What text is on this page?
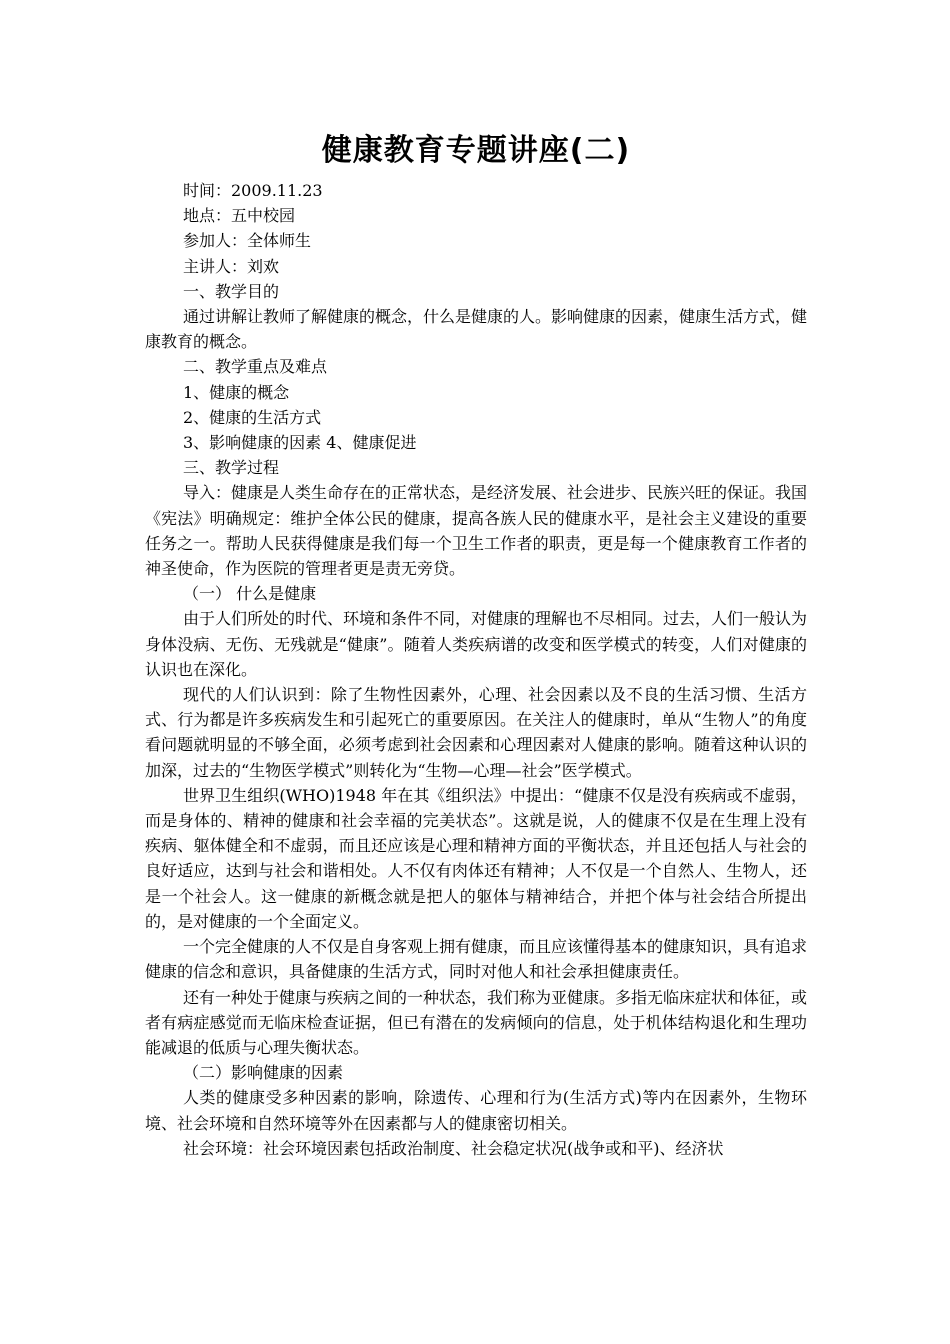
健康教育专题讲座(二)

时间：2009.11.23

地点：五中校园

参加人：全体师生

主讲人：刘欢

一、教学目的

通过讲解让教师了解健康的概念，什么是健康的人。影响健康的因素，健康生活方式，健康教育的概念。

二、教学重点及难点

1、健康的概念

2、健康的生活方式

3、影响健康的因素 4、健康促进

三、教学过程

导入：健康是人类生命存在的正常状态，是经济发展、社会进步、民族兴旺的保证。我国《宪法》明确规定：维护全体公民的健康，提高各族人民的健康水平，是社会主义建设的重要任务之一。帮助人民获得健康是我们每一个卫生工作者的职责，更是每一个健康教育工作者的神圣使命，作为医院的管理者更是责无旁贷。

（一） 什么是健康

由于人们所处的时代、环境和条件不同，对健康的理解也不尽相同。过去，人们一般认为身体没病、无伤、无残就是“健康”。随着人类疾病谱的改变和医学模式的转变，人们对健康的认识也在深化。

现代的人们认识到：除了生物性因素外，心理、社会因素以及不良的生活习惯、生活方式、行为都是许多疾病发生和引起死亡的重要原因。在关注人的健康时，单从“生物人”的角度看问题就明显的不够全面，必须考虑到社会因素和心理因素对人健康的影响。随着这种认识的加深，过去的“生物医学模式”则转化为“生物—心理—社会”医学模式。

世界卫生组织(WHO)1948 年在其《组织法》中提出：“健康不仅是没有疾病或不虚弱，而是身体的、精神的健康和社会幸福的完美状态”。这就是说，人的健康不仅是在生理上没有疾病、躯体健全和不虚弱，而且还应该是心理和精神方面的平衡状态，并且还包括人与社会的良好适应，达到与社会和谐相处。人不仅有肉体还有精神；人不仅是一个自然人、生物人，还是一个社会人。这一健康的新概念就是把人的躯体与精神结合，并把个体与社会结合所提出的，是对健康的一个全面定义。

一个完全健康的人不仅是自身客观上拥有健康，而且应该懂得基本的健康知识，具有追求健康的信念和意识，具备健康的生活方式，同时对他人和社会承担健康责任。

还有一种处于健康与疾病之间的一种状态，我们称为亚健康。多指无临床症状和体征，或者有病症感觉而无临床检查证据，但已有潜在的发病倾向的信息，处于机体结构退化和生理功能减退的低质与心理失衡状态。

（二）影响健康的因素

人类的健康受多种因素的影响，除遗传、心理和行为(生活方式)等内在因素外，生物环境、社会环境和自然环境等外在因素都与人的健康密切相关。

社会环境：社会环境因素包括政治制度、社会稳定状况(战争或和平)、经济状
